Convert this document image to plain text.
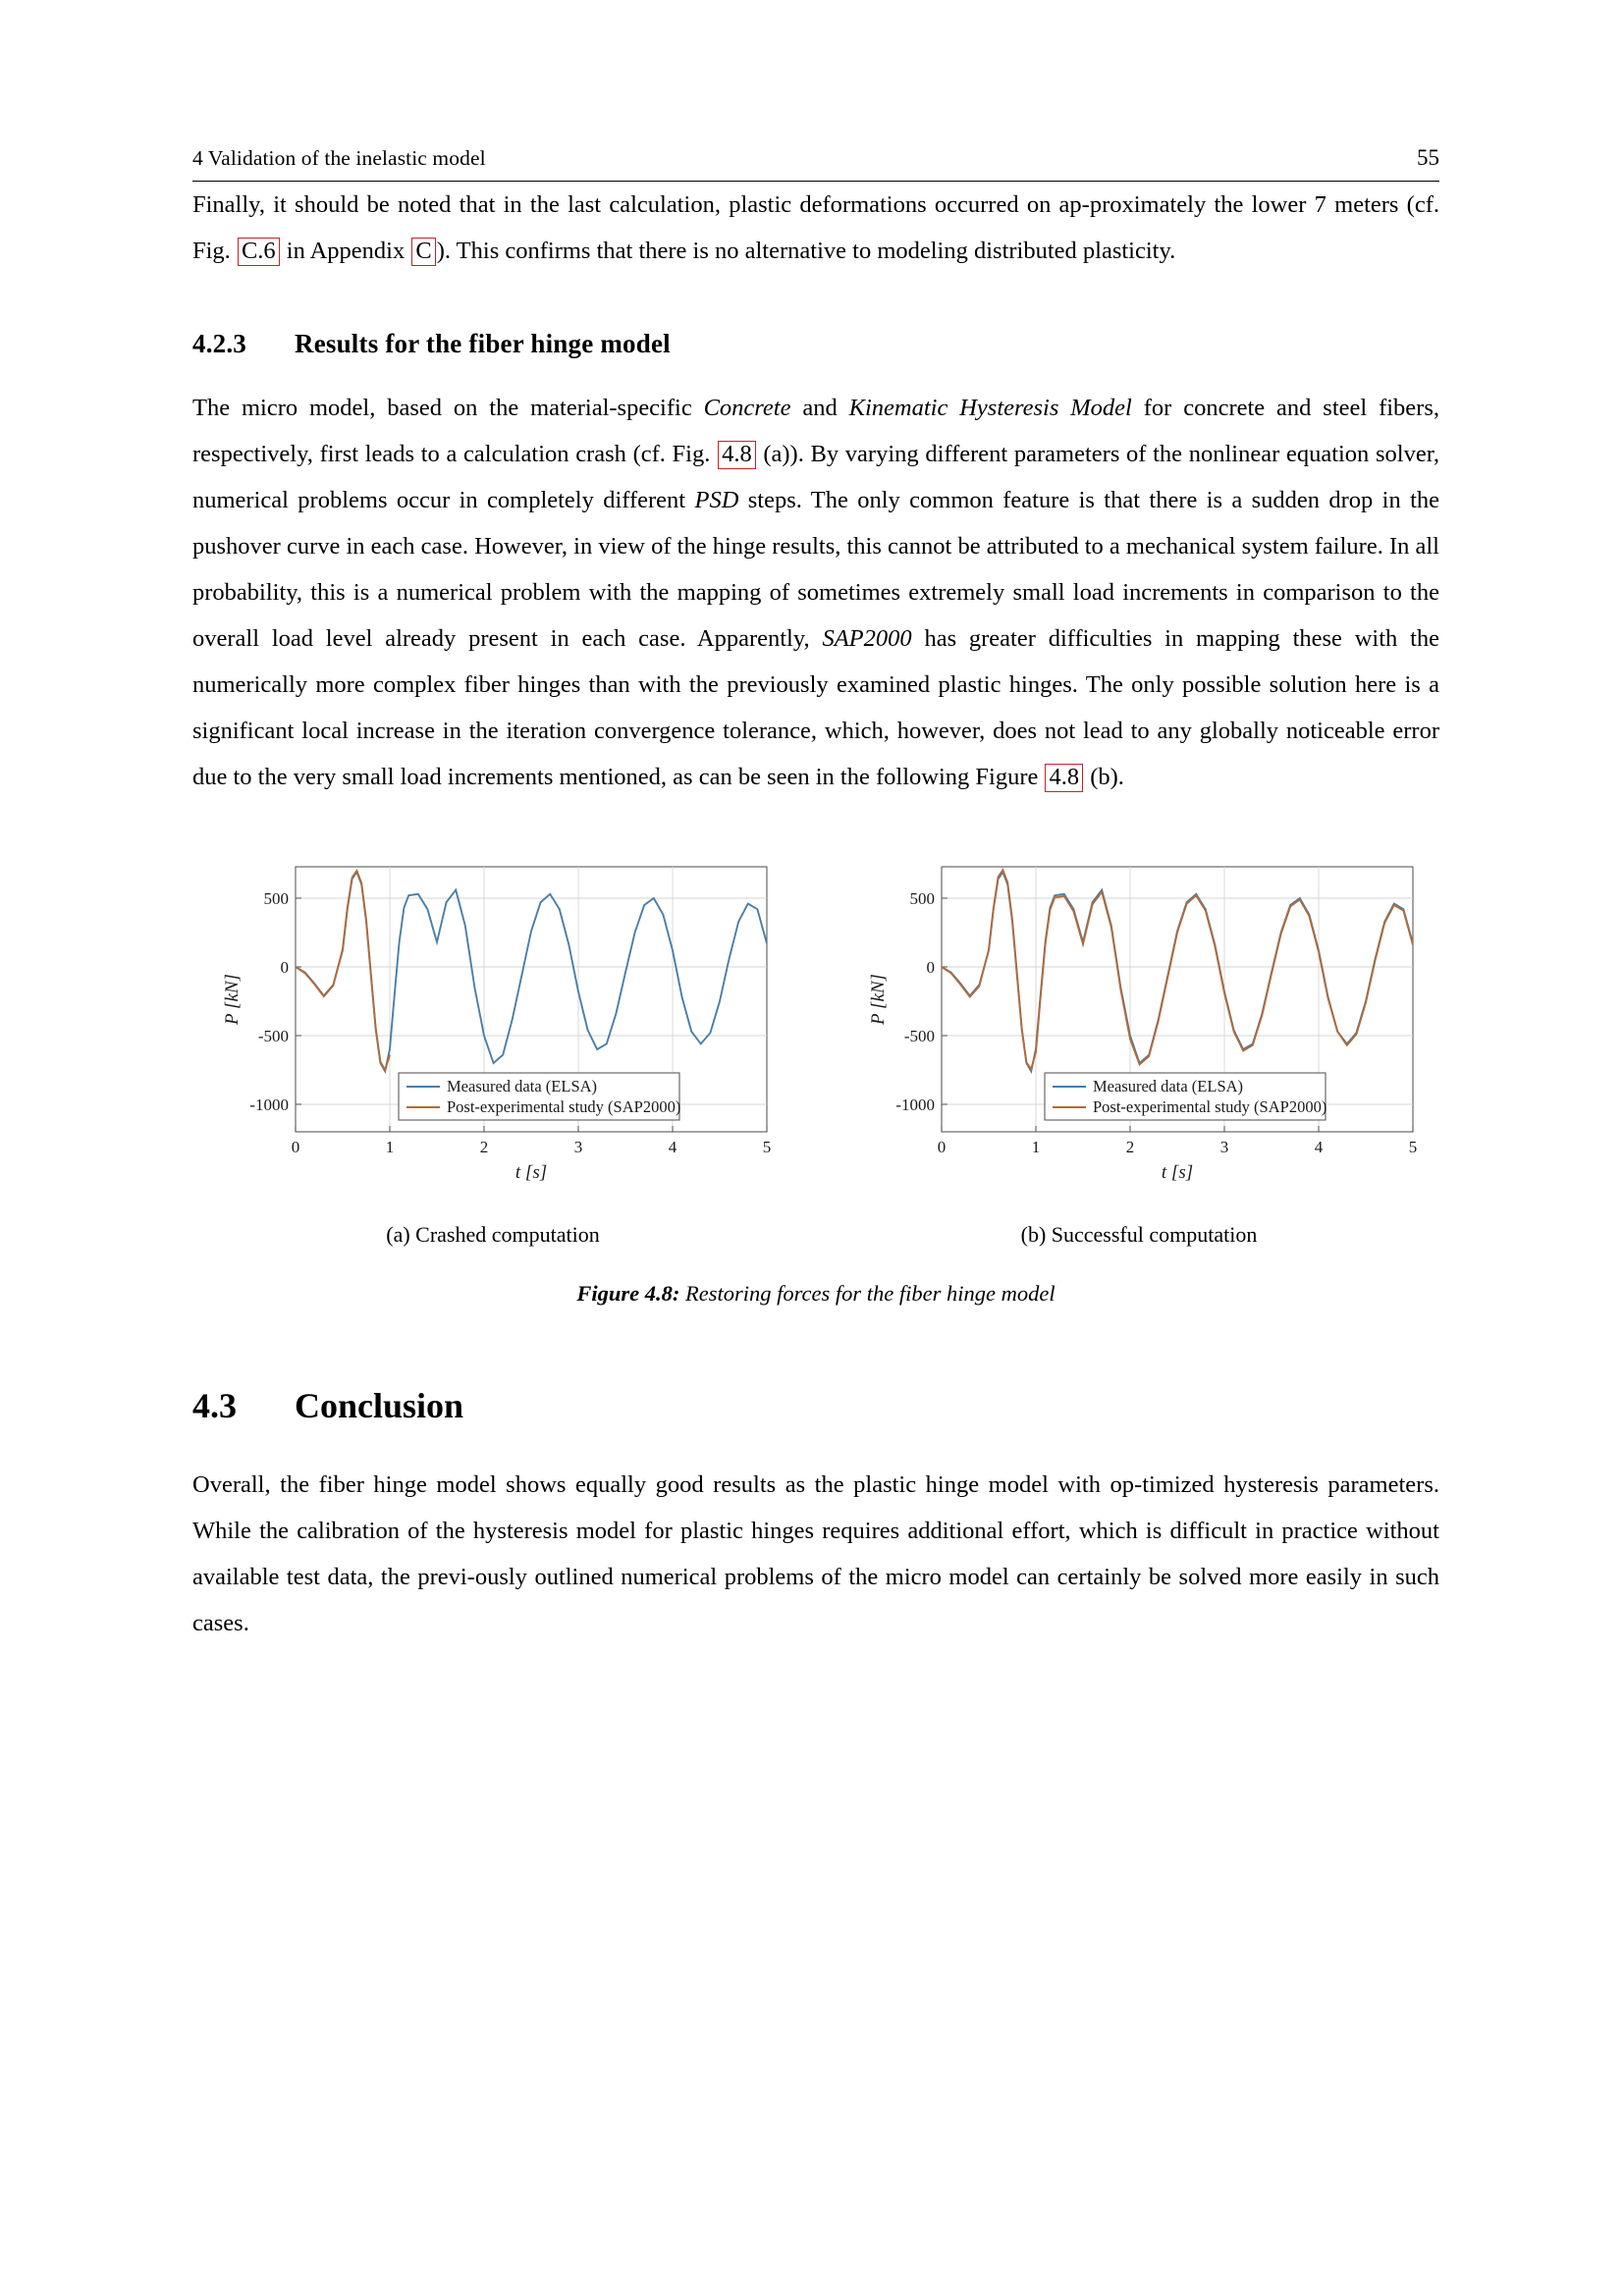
4 Validation of the inelastic model	55

Finally, it should be noted that in the last calculation, plastic deformations occurred on ap-proximately the lower 7 meters (cf. Fig. C.6 in Appendix C ). This confirms that there is no alternative to modeling distributed plasticity.

4.2.3 Results for the fiber hinge model

The micro model, based on the material-specific Concrete and Kinematic Hysteresis Model for concrete and steel fibers, respectively, first leads to a calculation crash (cf. Fig. 4.8 (a)). By varying different parameters of the nonlinear equation solver, numerical problems occur in completely different PSD steps. The only common feature is that there is a sudden drop in the pushover curve in each case. However, in view of the hinge results, this cannot be attributed to a mechanical system failure. In all probability, this is a numerical problem with the mapping of sometimes extremely small load increments in comparison to the overall load level already present in each case. Apparently, SAP2000 has greater difficulties in mapping these with the numerically more complex fiber hinges than with the previously examined plastic hinges. The only possible solution here is a significant local increase in the iteration convergence tolerance, which, however, does not lead to any globally noticeable error due to the very small load increments mentioned, as can be seen in the following Figure 4.8 (b).

500
0
-500
-1000
0	1	2	3	4	5
t [s]
P [kN]
Measured data (ELSA)
Post-experimental study (SAP2000)
(a) Crashed computation
500
0
-500
-1000
0	1	2	3	4	5
t [s]
P [kN]
Measured data (ELSA)
Post-experimental study (SAP2000)
(b) Successful computation
Figure 4.8: Restoring forces for the fiber hinge model
4.3 Conclusion

Overall, the fiber hinge model shows equally good results as the plastic hinge model with op-timized hysteresis parameters. While the calibration of the hysteresis model for plastic hinges requires additional effort, which is difficult in practice without available test data, the previ-ously outlined numerical problems of the micro model can certainly be solved more easily in such cases.
